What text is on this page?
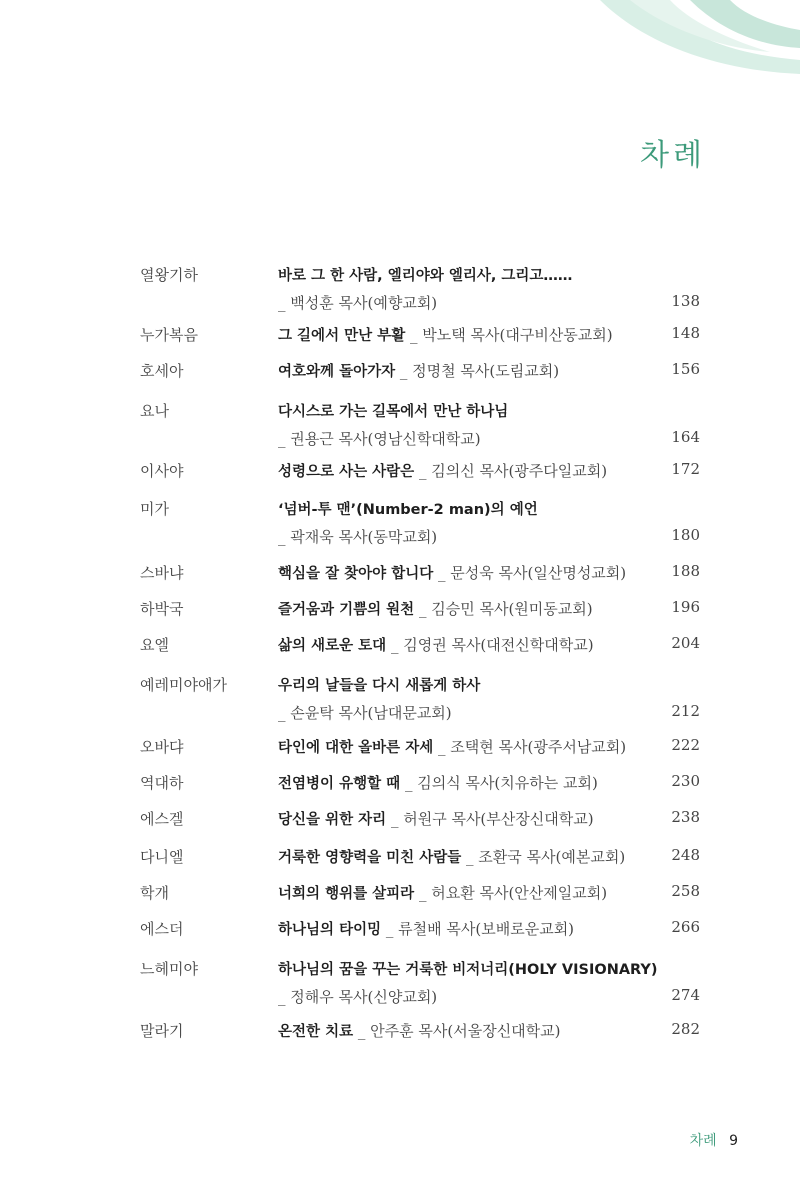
차례
열왕기하	바로 그 한 사람, 엘리야와 엘리사, 그리고……
_ 백성훈 목사(예향교회)	138
누가복음	그 길에서 만난 부활 _ 박노택 목사(대구비산동교회)	148
호세아	여호와께 돌아가자 _ 정명철 목사(도림교회)	156
요나	다시스로 가는 길목에서 만난 하나님
_ 권용근 목사(영남신학대학교)	164
이사야	성령으로 사는 사람은 _ 김의신 목사(광주다일교회)	172
미가	‘넘버-투 맨’(Number-2 man)의 예언
_ 곽재욱 목사(동막교회)	180
스바냐	핵심을 잘 찾아야 합니다 _ 문성욱 목사(일산명성교회)	188
하박국	즐거움과 기쁨의 원천 _ 김승민 목사(원미동교회)	196
요엘	삶의 새로운 토대 _ 김영권 목사(대전신학대학교)	204
예레미야애가	우리의 날들을 다시 새롭게 하사
_ 손윤탁 목사(남대문교회)	212
오바댜	타인에 대한 올바른 자세 _ 조택현 목사(광주서남교회)	222
역대하	전염병이 유행할 때 _ 김의식 목사(치유하는 교회)	230
에스겔	당신을 위한 자리 _ 허원구 목사(부산장신대학교)	238
다니엘	거룩한 영향력을 미친 사람들 _ 조환국 목사(예본교회)	248
학개	너희의 행위를 살피라 _ 허요환 목사(안산제일교회)	258
에스더	하나님의 타이밍 _ 류철배 목사(보배로운교회)	266
느헤미야	하나님의 꿈을 꾸는 거룩한 비저너리(HOLY VISIONARY)
_ 정해우 목사(신양교회)	274
말라기	온전한 치료 _ 안주훈 목사(서울장신대학교)	282
차례 9
